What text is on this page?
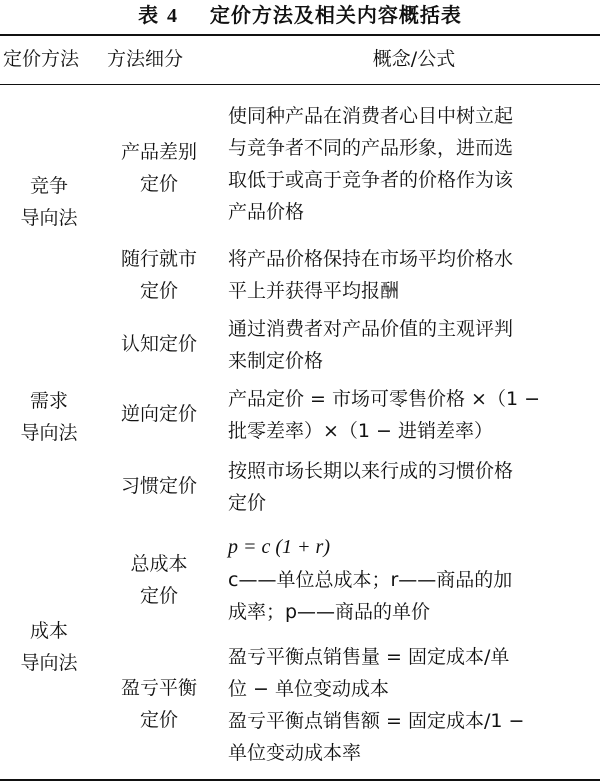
表 4 定价方法及相关内容概括表
定价方法	方法细分	概念/公式
竞争
导向法
需求
导向法
成本
导向法
产品差别
定价
使同种产品在消费者心目中树立起
与竞争者不同的产品形象，进而选
取低于或高于竞争者的价格作为该
产品价格
随行就市
定价
将产品价格保持在市场平均价格水
平上并获得平均报酬
认知定价
通过消费者对产品价值的主观评判
来制定价格
逆向定价
产品定价 = 市场可零售价格 ×（1 −
批零差率）×（1 − 进销差率）
习惯定价
按照市场长期以来行成的习惯价格
定价
总成本
定价
p = c (1 + r)
c——单位总成本；r——商品的加
成率；p——商品的单价
盈亏平衡
定价
盈亏平衡点销售量 = 固定成本/单
位 − 单位变动成本
盈亏平衡点销售额 = 固定成本/1 −
单位变动成本率
